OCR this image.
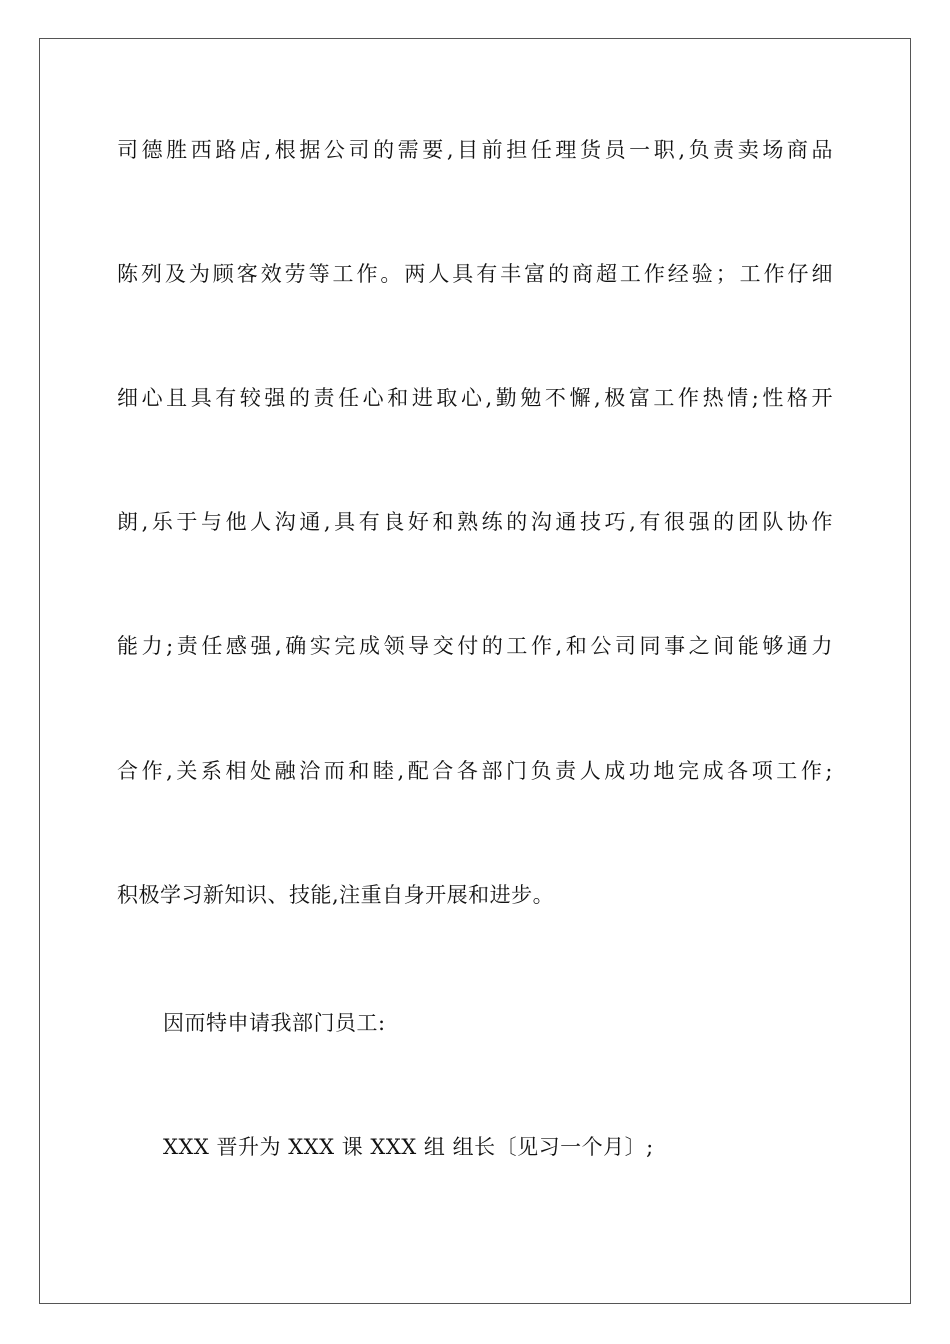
司德胜西路店,根据公司的需要,目前担任理货员一职,负责卖场商品
陈列及为顾客效劳等工作。两人具有丰富的商超工作经验；工作仔细
细心且具有较强的责任心和进取心,勤勉不懈,极富工作热情;性格开
朗,乐于与他人沟通,具有良好和熟练的沟通技巧,有很强的团队协作
能力;责任感强,确实完成领导交付的工作,和公司同事之间能够通力
合作,关系相处融洽而和睦,配合各部门负责人成功地完成各项工作;
积极学习新知识、技能,注重自身开展和进步。
因而特申请我部门员工:
XXX 晋升为 XXX 课 XXX 组 组长〔见习一个月〕;
